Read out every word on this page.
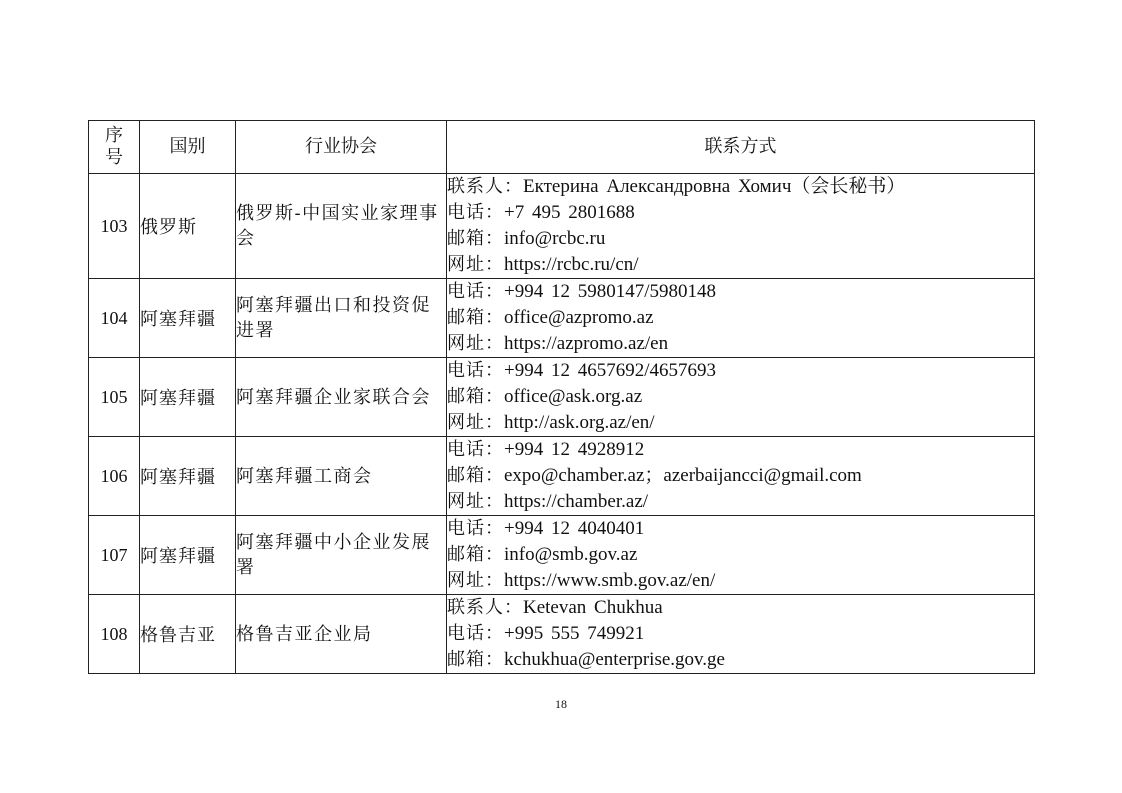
序
号	国别	行业协会	联系方式
103	俄罗斯	俄罗斯-中国实业家理事会	联系人：Ектерина Александровна Хомич（会长秘书）
电话：+7 495 2801688
邮箱：info@rcbc.ru
网址：https://rcbc.ru/cn/

104	阿塞拜疆	阿塞拜疆出口和投资促进署	电话：+994 12 5980147/5980148
邮箱：office@azpromo.az
网址：https://azpromo.az/en

105	阿塞拜疆	阿塞拜疆企业家联合会	电话：+994 12 4657692/4657693
邮箱：office@ask.org.az
网址：http://ask.org.az/en/

106	阿塞拜疆	阿塞拜疆工商会	电话：+994 12 4928912
邮箱：expo@chamber.az；azerbaijancci@gmail.com
网址：https://chamber.az/

107	阿塞拜疆	阿塞拜疆中小企业发展署	电话：+994 12 4040401
邮箱：info@smb.gov.az
网址：https://www.smb.gov.az/en/

108	格鲁吉亚	格鲁吉亚企业局	联系人：Ketevan Chukhua
电话：+995 555 749921
邮箱：kchukhua@enterprise.gov.ge
18
